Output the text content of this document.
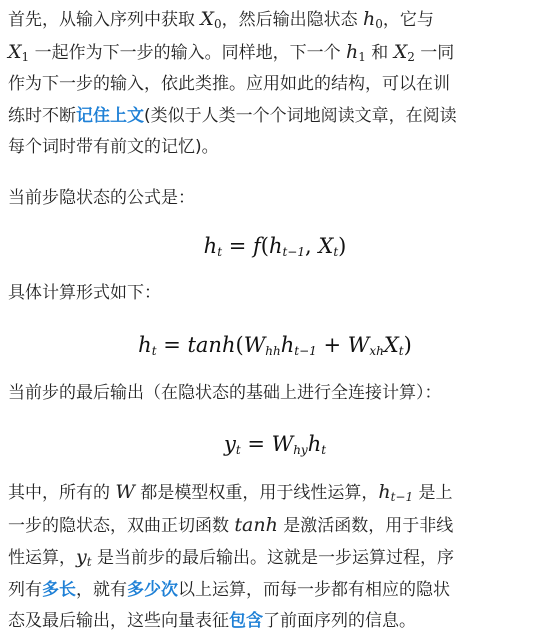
首先，从输入序列中获取 $X_0$，然后输出隐状态 $h_0$，它与
$X_1$ 一起作为下一步的输入。同样地，下一个 $h_1$ 和 $X_2$ 一同
作为下一步的输入，依此类推。应用如此的结构，可以在训
练时不断记住上文(类似于人类一个个词地阅读文章，在阅读
每个词时带有前文的记忆)。

当前步隐状态的公式是：

$h_t = f(h_{t-1}$, $X_t$)

具体计算形式如下：

$h_t = \tanh(W_{hh}h_{t-1} + W_{xh}X_t)$

当前步的最后输出（在隐状态的基础上进行全连接计算）：

$y_t = W_{hy}h_t$

其中，所有的 W 都是模型权重，用于线性运算，$h_{t-1}$ 是上
一步的隐状态，双曲正切函数 tanh 是激活函数，用于非线
性运算，$y_t$ 是当前步的最后输出。这就是一步运算过程，序
列有多长，就有多少次以上运算，而每一步都有相应的隐状
态及最后输出，这些向量表征包含了前面序列的信息。
